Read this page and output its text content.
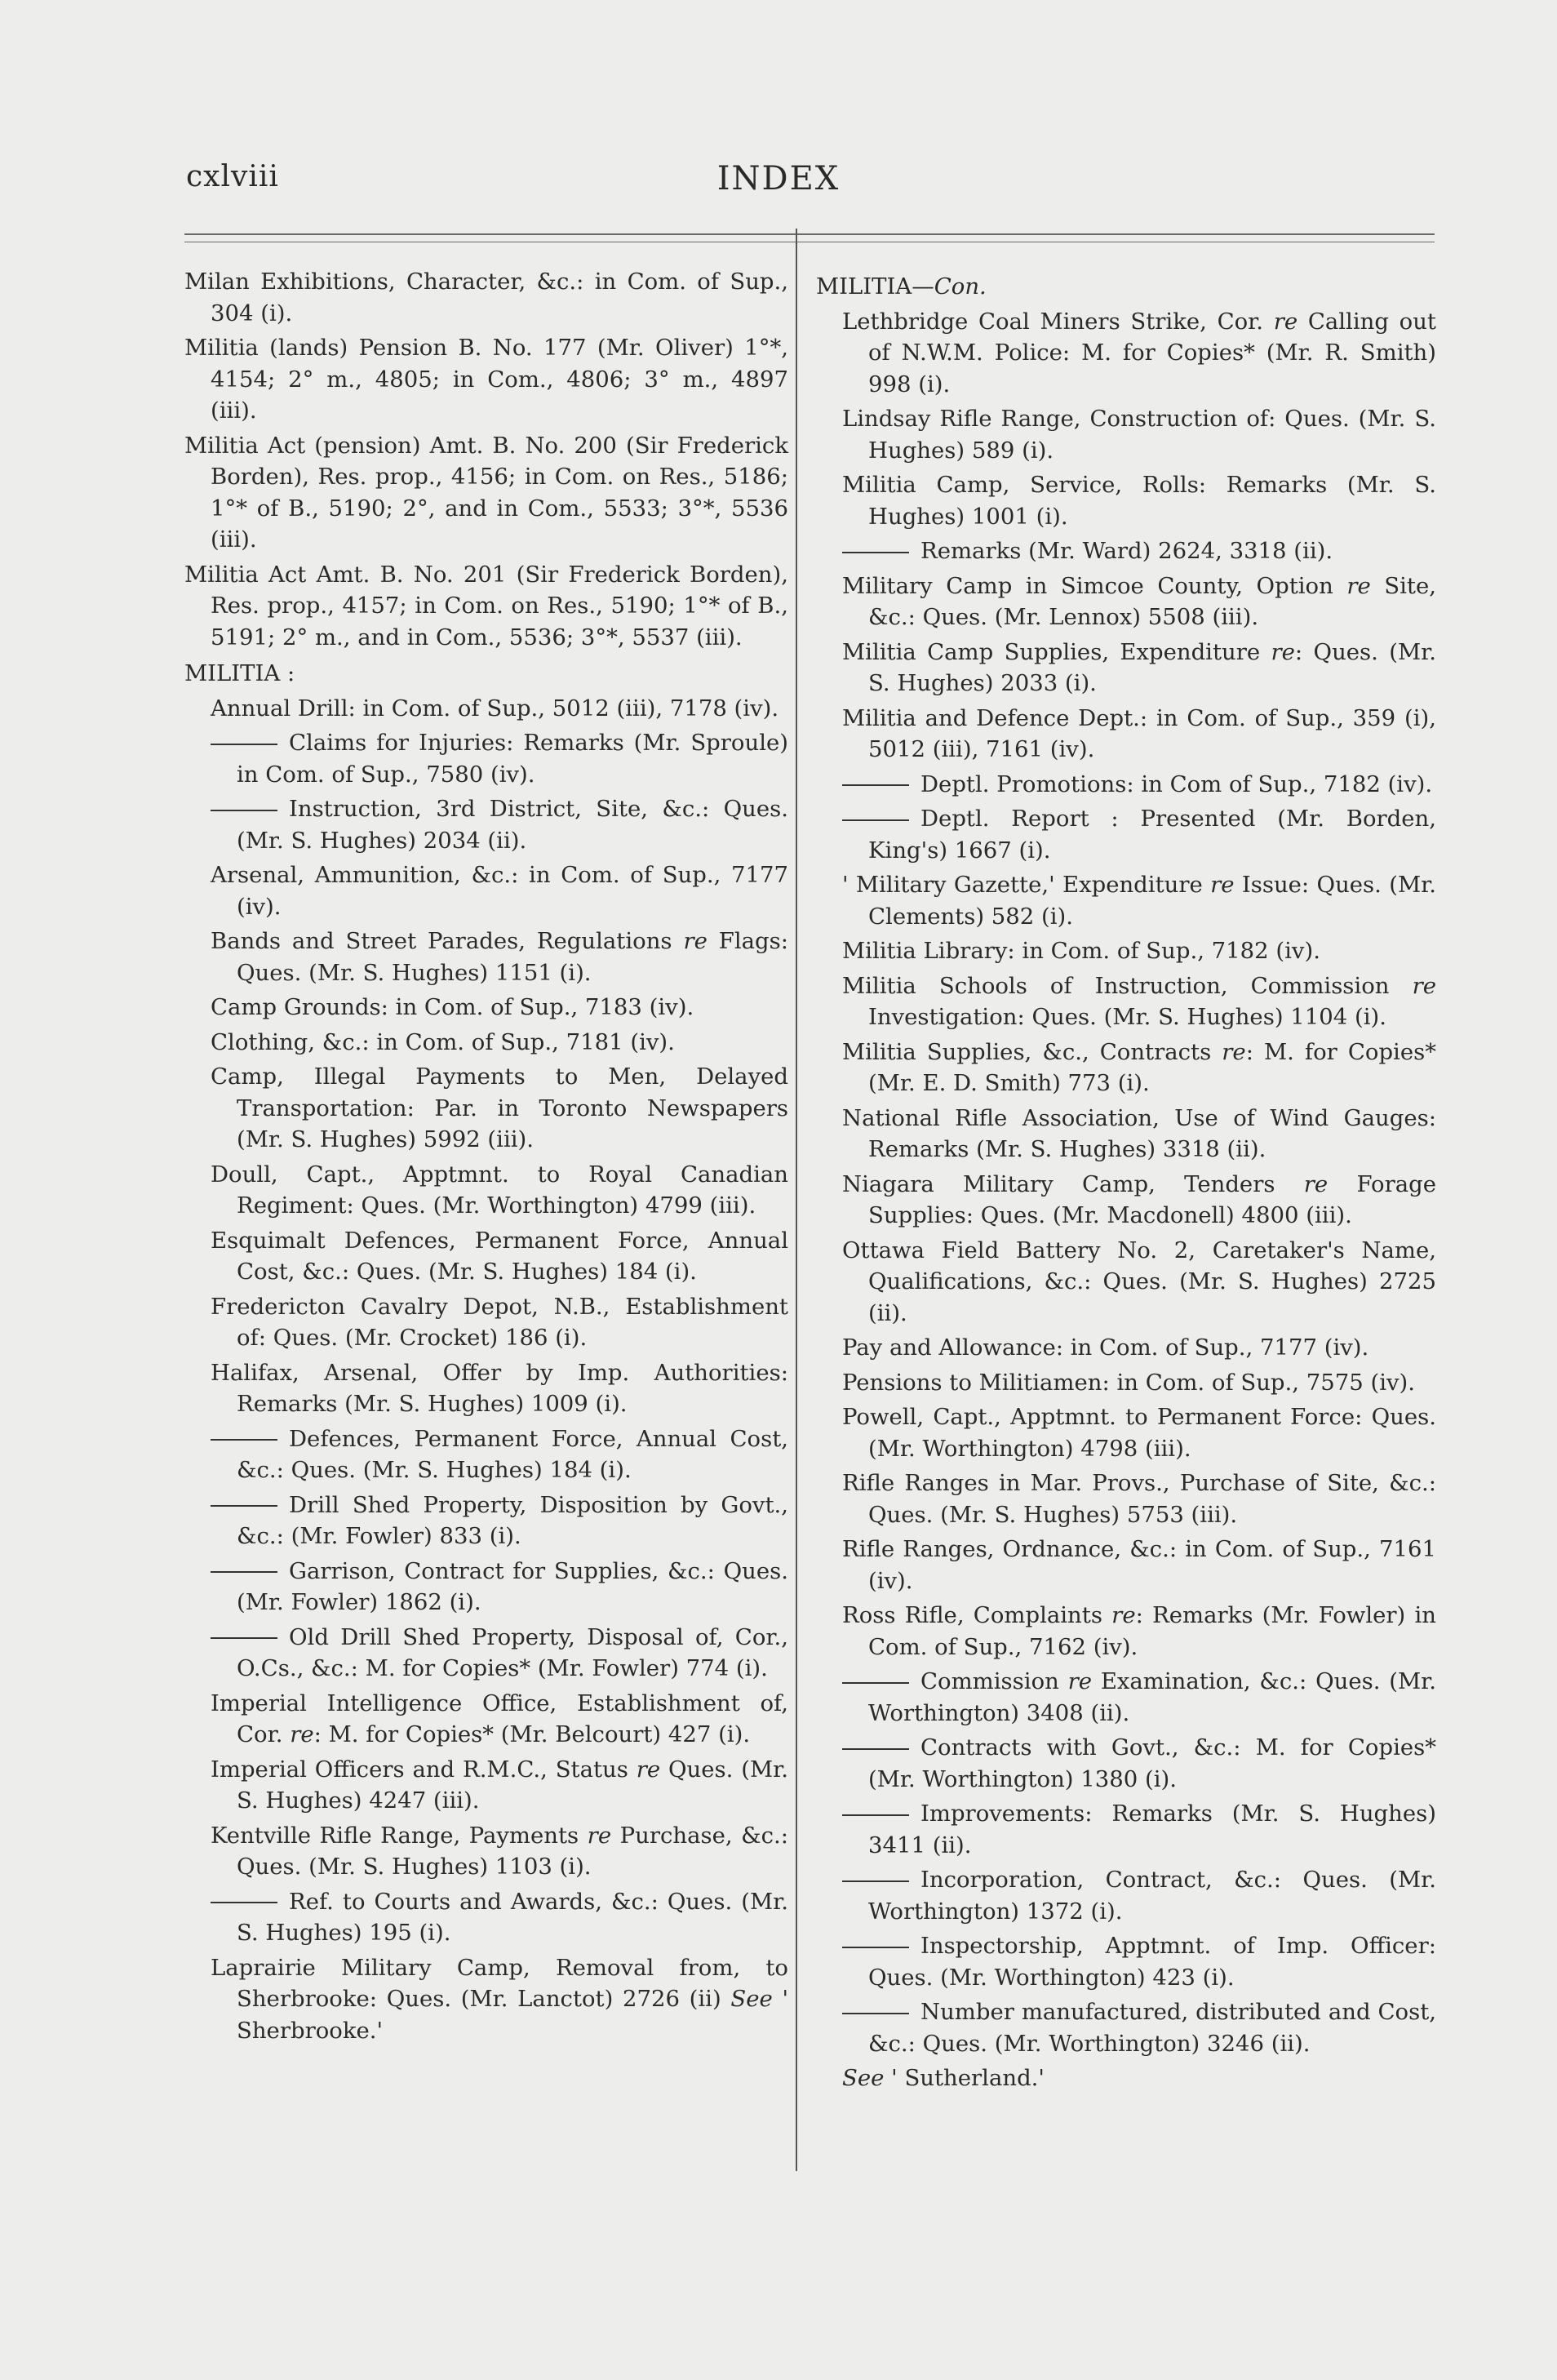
cxlviii	INDEX

Milan Exhibitions, Character, &c.: in Com. of Sup., 304 (i).

Militia (lands) Pension B. No. 177 (Mr. Oliver) 1°*, 4154; 2° m., 4805; in Com., 4806; 3° m., 4897 (iii).

Militia Act (pension) Amt. B. No. 200 (Sir Frederick Borden), Res. prop., 4156; in Com. on Res., 5186; 1°* of B., 5190; 2°, and in Com., 5533; 3°*, 5536 (iii).

Militia Act Amt. B. No. 201 (Sir Frederick Borden), Res. prop., 4157; in Com. on Res., 5190; 1°* of B., 5191; 2° m., and in Com., 5536; 3°*, 5537 (iii).

MILITIA :

Annual Drill: in Com. of Sup., 5012 (iii), 7178 (iv).

Claims for Injuries: Remarks (Mr. Sproule) in Com. of Sup., 7580 (iv).

Instruction, 3rd District, Site, &c.: Ques. (Mr. S. Hughes) 2034 (ii).

Arsenal, Ammunition, &c.: in Com. of Sup., 7177 (iv).

Bands and Street Parades, Regulations re Flags: Ques. (Mr. S. Hughes) 1151 (i).

Camp Grounds: in Com. of Sup., 7183 (iv).

Clothing, &c.: in Com. of Sup., 7181 (iv).

Camp, Illegal Payments to Men, Delayed Transportation: Par. in Toronto Newspapers (Mr. S. Hughes) 5992 (iii).

Doull, Capt., Apptmnt. to Royal Canadian Regiment: Ques. (Mr. Worthington) 4799 (iii).

Esquimalt Defences, Permanent Force, Annual Cost, &c.: Ques. (Mr. S. Hughes) 184 (i).

Fredericton Cavalry Depot, N.B., Establishment of: Ques. (Mr. Crocket) 186 (i).

Halifax, Arsenal, Offer by Imp. Authorities: Remarks (Mr. S. Hughes) 1009 (i).

Defences, Permanent Force, Annual Cost, &c.: Ques. (Mr. S. Hughes) 184 (i).

Drill Shed Property, Disposition by Govt., &c.: (Mr. Fowler) 833 (i).

Garrison, Contract for Supplies, &c.: Ques. (Mr. Fowler) 1862 (i).

Old Drill Shed Property, Disposal of, Cor., O.Cs., &c.: M. for Copies* (Mr. Fowler) 774 (i).

Imperial Intelligence Office, Establishment of, Cor. re: M. for Copies* (Mr. Belcourt) 427 (i).

Imperial Officers and R.M.C., Status re Ques. (Mr. S. Hughes) 4247 (iii).

Kentville Rifle Range, Payments re Purchase, &c.: Ques. (Mr. S. Hughes) 1103 (i).

Ref. to Courts and Awards, &c.: Ques. (Mr. S. Hughes) 195 (i).

Laprairie Military Camp, Removal from, to Sherbrooke: Ques. (Mr. Lanctot) 2726 (ii) See ' Sherbrooke.'

MILITIA—Con.

Lethbridge Coal Miners Strike, Cor. re Calling out of N.W.M. Police: M. for Copies* (Mr. R. Smith) 998 (i).

Lindsay Rifle Range, Construction of: Ques. (Mr. S. Hughes) 589 (i).

Militia Camp, Service, Rolls: Remarks (Mr. S. Hughes) 1001 (i).

Remarks (Mr. Ward) 2624, 3318 (ii).

Military Camp in Simcoe County, Option re Site, &c.: Ques. (Mr. Lennox) 5508 (iii).

Militia Camp Supplies, Expenditure re: Ques. (Mr. S. Hughes) 2033 (i).

Militia and Defence Dept.: in Com. of Sup., 359 (i), 5012 (iii), 7161 (iv).

Deptl. Promotions: in Com of Sup., 7182 (iv).

Deptl. Report : Presented (Mr. Borden, King's) 1667 (i).

' Military Gazette,' Expenditure re Issue: Ques. (Mr. Clements) 582 (i).

Militia Library: in Com. of Sup., 7182 (iv).

Militia Schools of Instruction, Commission re Investigation: Ques. (Mr. S. Hughes) 1104 (i).

Militia Supplies, &c., Contracts re: M. for Copies* (Mr. E. D. Smith) 773 (i).

National Rifle Association, Use of Wind Gauges: Remarks (Mr. S. Hughes) 3318 (ii).

Niagara Military Camp, Tenders re Forage Supplies: Ques. (Mr. Macdonell) 4800 (iii).

Ottawa Field Battery No. 2, Caretaker's Name, Qualifications, &c.: Ques. (Mr. S. Hughes) 2725 (ii).

Pay and Allowance: in Com. of Sup., 7177 (iv).

Pensions to Militiamen: in Com. of Sup., 7575 (iv).

Powell, Capt., Apptmnt. to Permanent Force: Ques. (Mr. Worthington) 4798 (iii).

Rifle Ranges in Mar. Provs., Purchase of Site, &c.: Ques. (Mr. S. Hughes) 5753 (iii).

Rifle Ranges, Ordnance, &c.: in Com. of Sup., 7161 (iv).

Ross Rifle, Complaints re: Remarks (Mr. Fowler) in Com. of Sup., 7162 (iv).

Commission re Examination, &c.: Ques. (Mr. Worthington) 3408 (ii).

Contracts with Govt., &c.: M. for Copies* (Mr. Worthington) 1380 (i).

Improvements: Remarks (Mr. S. Hughes) 3411 (ii).

Incorporation, Contract, &c.: Ques. (Mr. Worthington) 1372 (i).

Inspectorship, Apptmnt. of Imp. Officer: Ques. (Mr. Worthington) 423 (i).

Number manufactured, distributed and Cost, &c.: Ques. (Mr. Worthington) 3246 (ii).

See ' Sutherland.'
